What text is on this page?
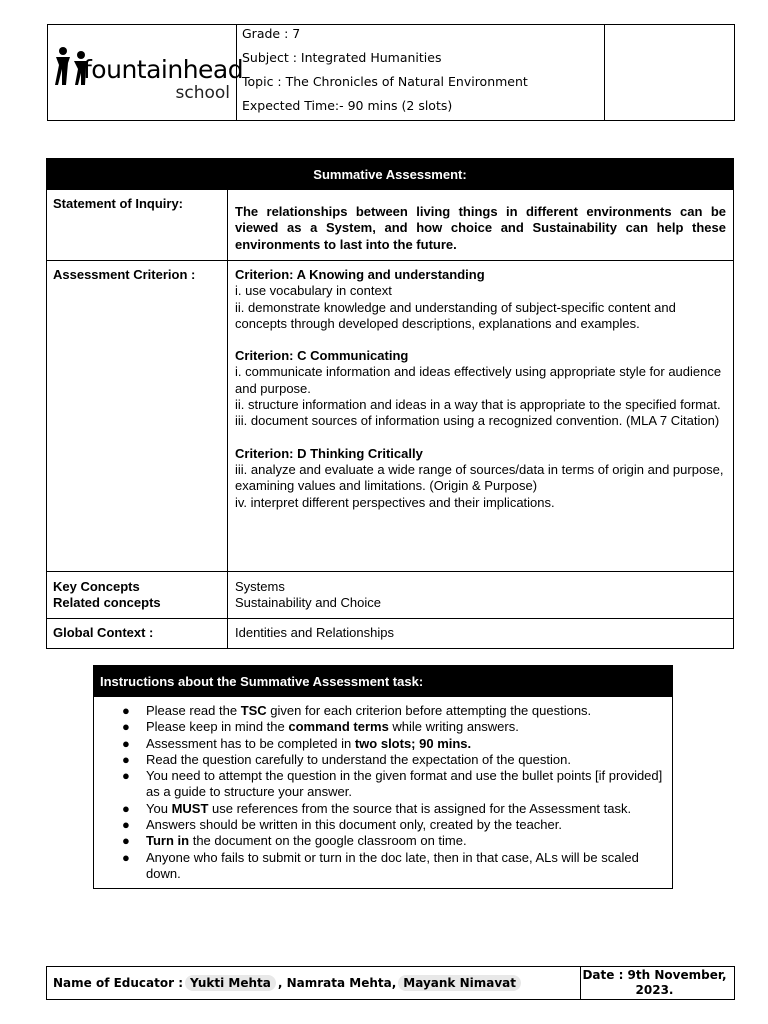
fountainhead
school
Grade : 7
Subject : Integrated Humanities
Topic : The Chronicles of Natural Environment
Expected Time:- 90 mins (2 slots)
Summative Assessment:
Statement of Inquiry:
The relationships between living things in different environments can be viewed as a System, and how choice and Sustainability can help these environments to last into the future.
Assessment Criterion :	Criterion: A Knowing and understanding
i. use vocabulary in context
ii. demonstrate knowledge and understanding of subject-specific content and concepts through developed descriptions, explanations and examples.
Criterion: C Communicating
i. communicate information and ideas effectively using appropriate style for audience and purpose.
ii. structure information and ideas in a way that is appropriate to the specified format.
iii. document sources of information using a recognized convention. (MLA 7 Citation)
Criterion: D Thinking Critically
iii. analyze and evaluate a wide range of sources/data in terms of origin and purpose, examining values and limitations. (Origin & Purpose)
iv. interpret different perspectives and their implications.
Key Concepts
Related concepts
Systems
Sustainability and Choice
Global Context :	Identities and Relationships
Instructions about the Summative Assessment task:
● Please read the TSC given for each criterion before attempting the questions.
● Please keep in mind the command terms while writing answers.
● Assessment has to be completed in two slots; 90 mins.
● Read the question carefully to understand the expectation of the question.
● You need to attempt the question in the given format and use the bullet points [if provided] as a guide to structure your answer.
● You MUST use references from the source that is assigned for the Assessment task.
● Answers should be written in this document only, created by the teacher.
● Turn in the document on the google classroom on time.
● Anyone who fails to submit or turn in the doc late, then in that case, ALs will be scaled down.
Name of Educator : Yukti Mehta , Namrata Mehta, Mayank Nimavat
Date : 9th November,
2023.
